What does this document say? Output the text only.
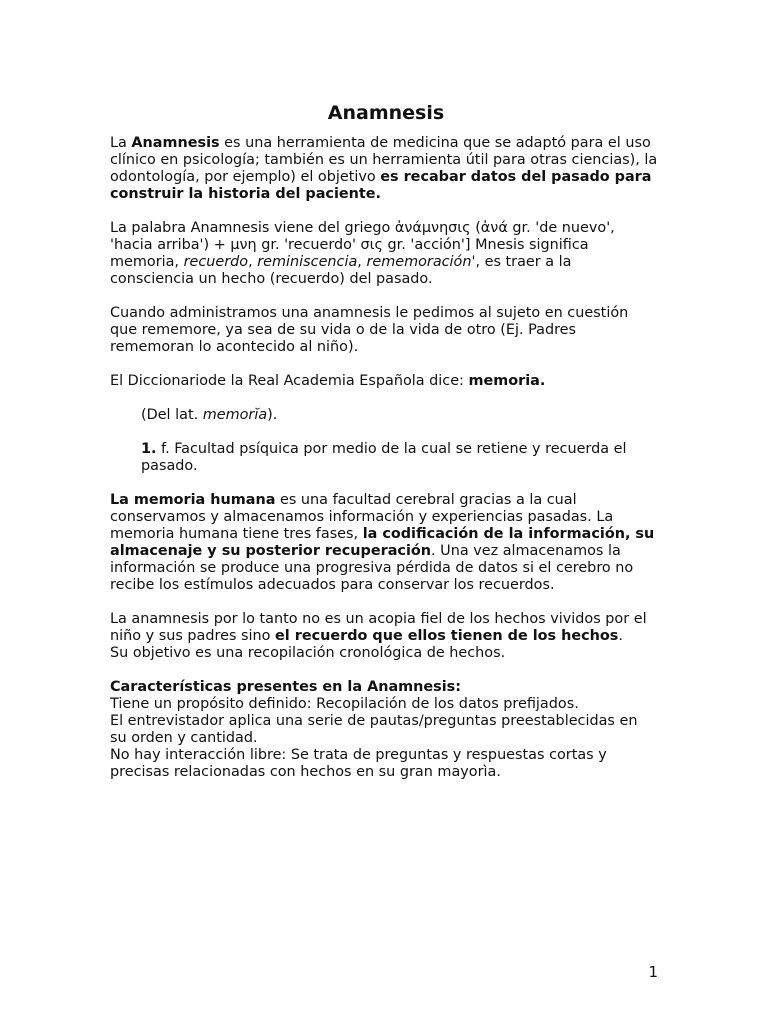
Anamnesis

La Anamnesis es una herramienta de medicina que se adaptó para el uso clínico en psicología; también es un herramienta útil para otras ciencias), la odontología, por ejemplo) el objetivo es recabar datos del pasado para construir la historia del paciente.

La palabra Anamnesis viene del griego ἀνάμνησις (ἀνά gr. 'de nuevo', 'hacia arriba') + μνη gr. 'recuerdo' σις gr. 'acción'] Mnesis significa memoria, recuerdo, reminiscencia, rememoración', es traer a la consciencia un hecho (recuerdo) del pasado.

Cuando administramos una anamnesis le pedimos al sujeto en cuestión que rememore, ya sea de su vida o de la vida de otro (Ej. Padres rememoran lo acontecido al niño).

El Diccionariode la Real Academia Española dice: memoria.

(Del lat. memorĭa).

1. f. Facultad psíquica por medio de la cual se retiene y recuerda el pasado.

La memoria humana es una facultad cerebral gracias a la cual conservamos y almacenamos información y experiencias pasadas. La memoria humana tiene tres fases, la codificación de la información, su almacenaje y su posterior recuperación. Una vez almacenamos la información se produce una progresiva pérdida de datos si el cerebro no recibe los estímulos adecuados para conservar los recuerdos.

La anamnesis por lo tanto no es un acopia fiel de los hechos vividos por el niño y sus padres sino el recuerdo que ellos tienen de los hechos.
Su objetivo es una recopilación cronológica de hechos.

Características presentes en la Anamnesis:
Tiene un propósito definido: Recopilación de los datos prefijados.
El entrevistador aplica una serie de pautas/preguntas preestablecidas en su orden y cantidad.
No hay interacción libre: Se trata de preguntas y respuestas cortas y precisas relacionadas con hechos en su gran mayorìa.
1
